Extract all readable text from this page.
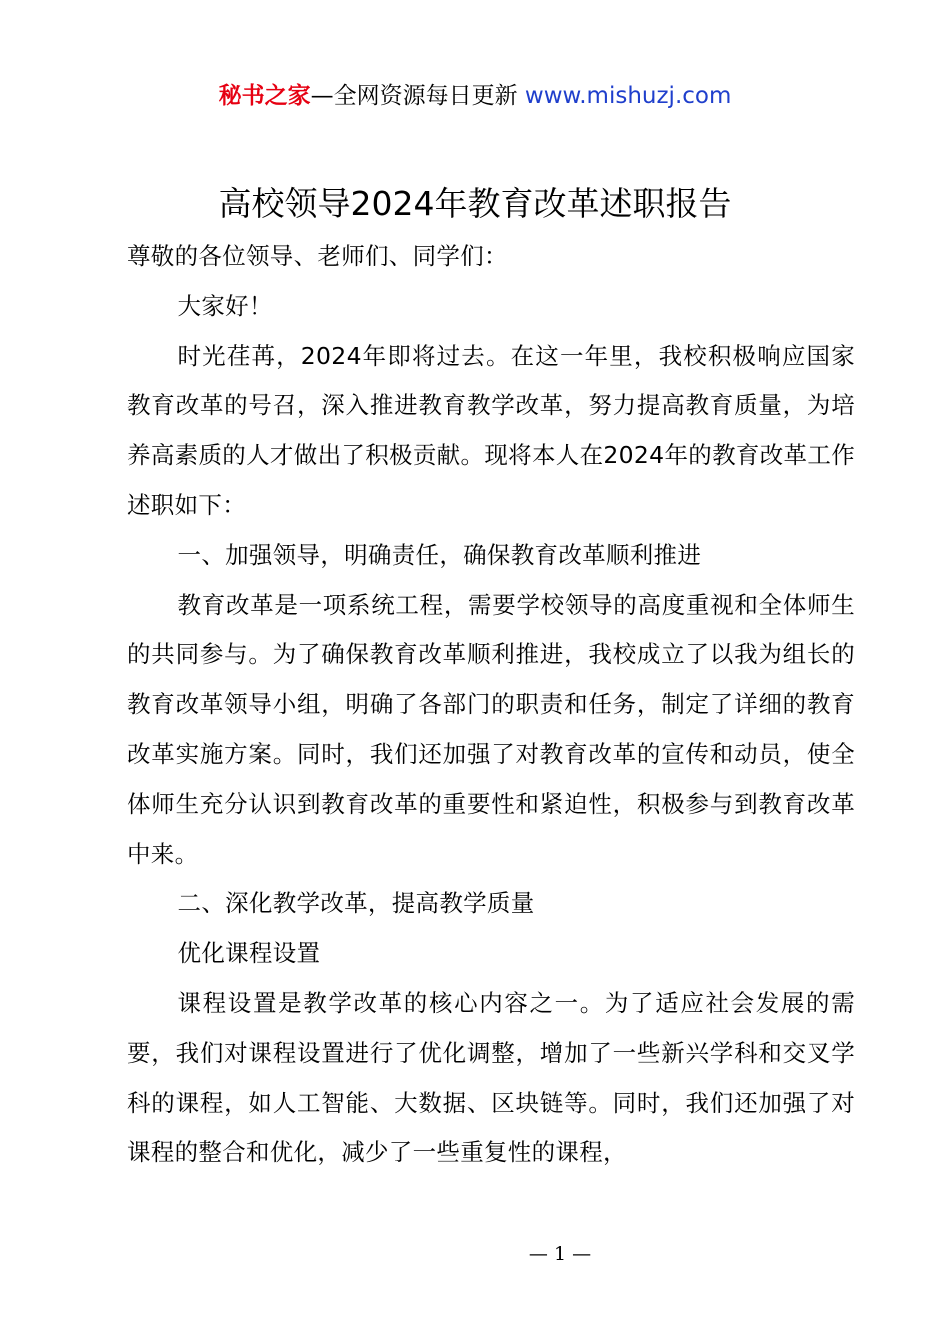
秘书之家—全网资源每日更新 www.mishuzj.com
高校领导2024年教育改革述职报告

尊敬的各位领导、老师们、同学们：

大家好！

时光荏苒，2024年即将过去。在这一年里，我校积极响应国家教育改革的号召，深入推进教育教学改革，努力提高教育质量，为培养高素质的人才做出了积极贡献。现将本人在2024年的教育改革工作述职如下：

一、加强领导，明确责任，确保教育改革顺利推进

教育改革是一项系统工程，需要学校领导的高度重视和全体师生的共同参与。为了确保教育改革顺利推进，我校成立了以我为组长的教育改革领导小组，明确了各部门的职责和任务，制定了详细的教育改革实施方案。同时，我们还加强了对教育改革的宣传和动员，使全体师生充分认识到教育改革的重要性和紧迫性，积极参与到教育改革中来。

二、深化教学改革，提高教学质量

优化课程设置

课程设置是教学改革的核心内容之一。为了适应社会发展的需要，我们对课程设置进行了优化调整，增加了一些新兴学科和交叉学科的课程，如人工智能、大数据、区块链等。同时，我们还加强了对课程的整合和优化，减少了一些重复性的课程，

— 1 —
